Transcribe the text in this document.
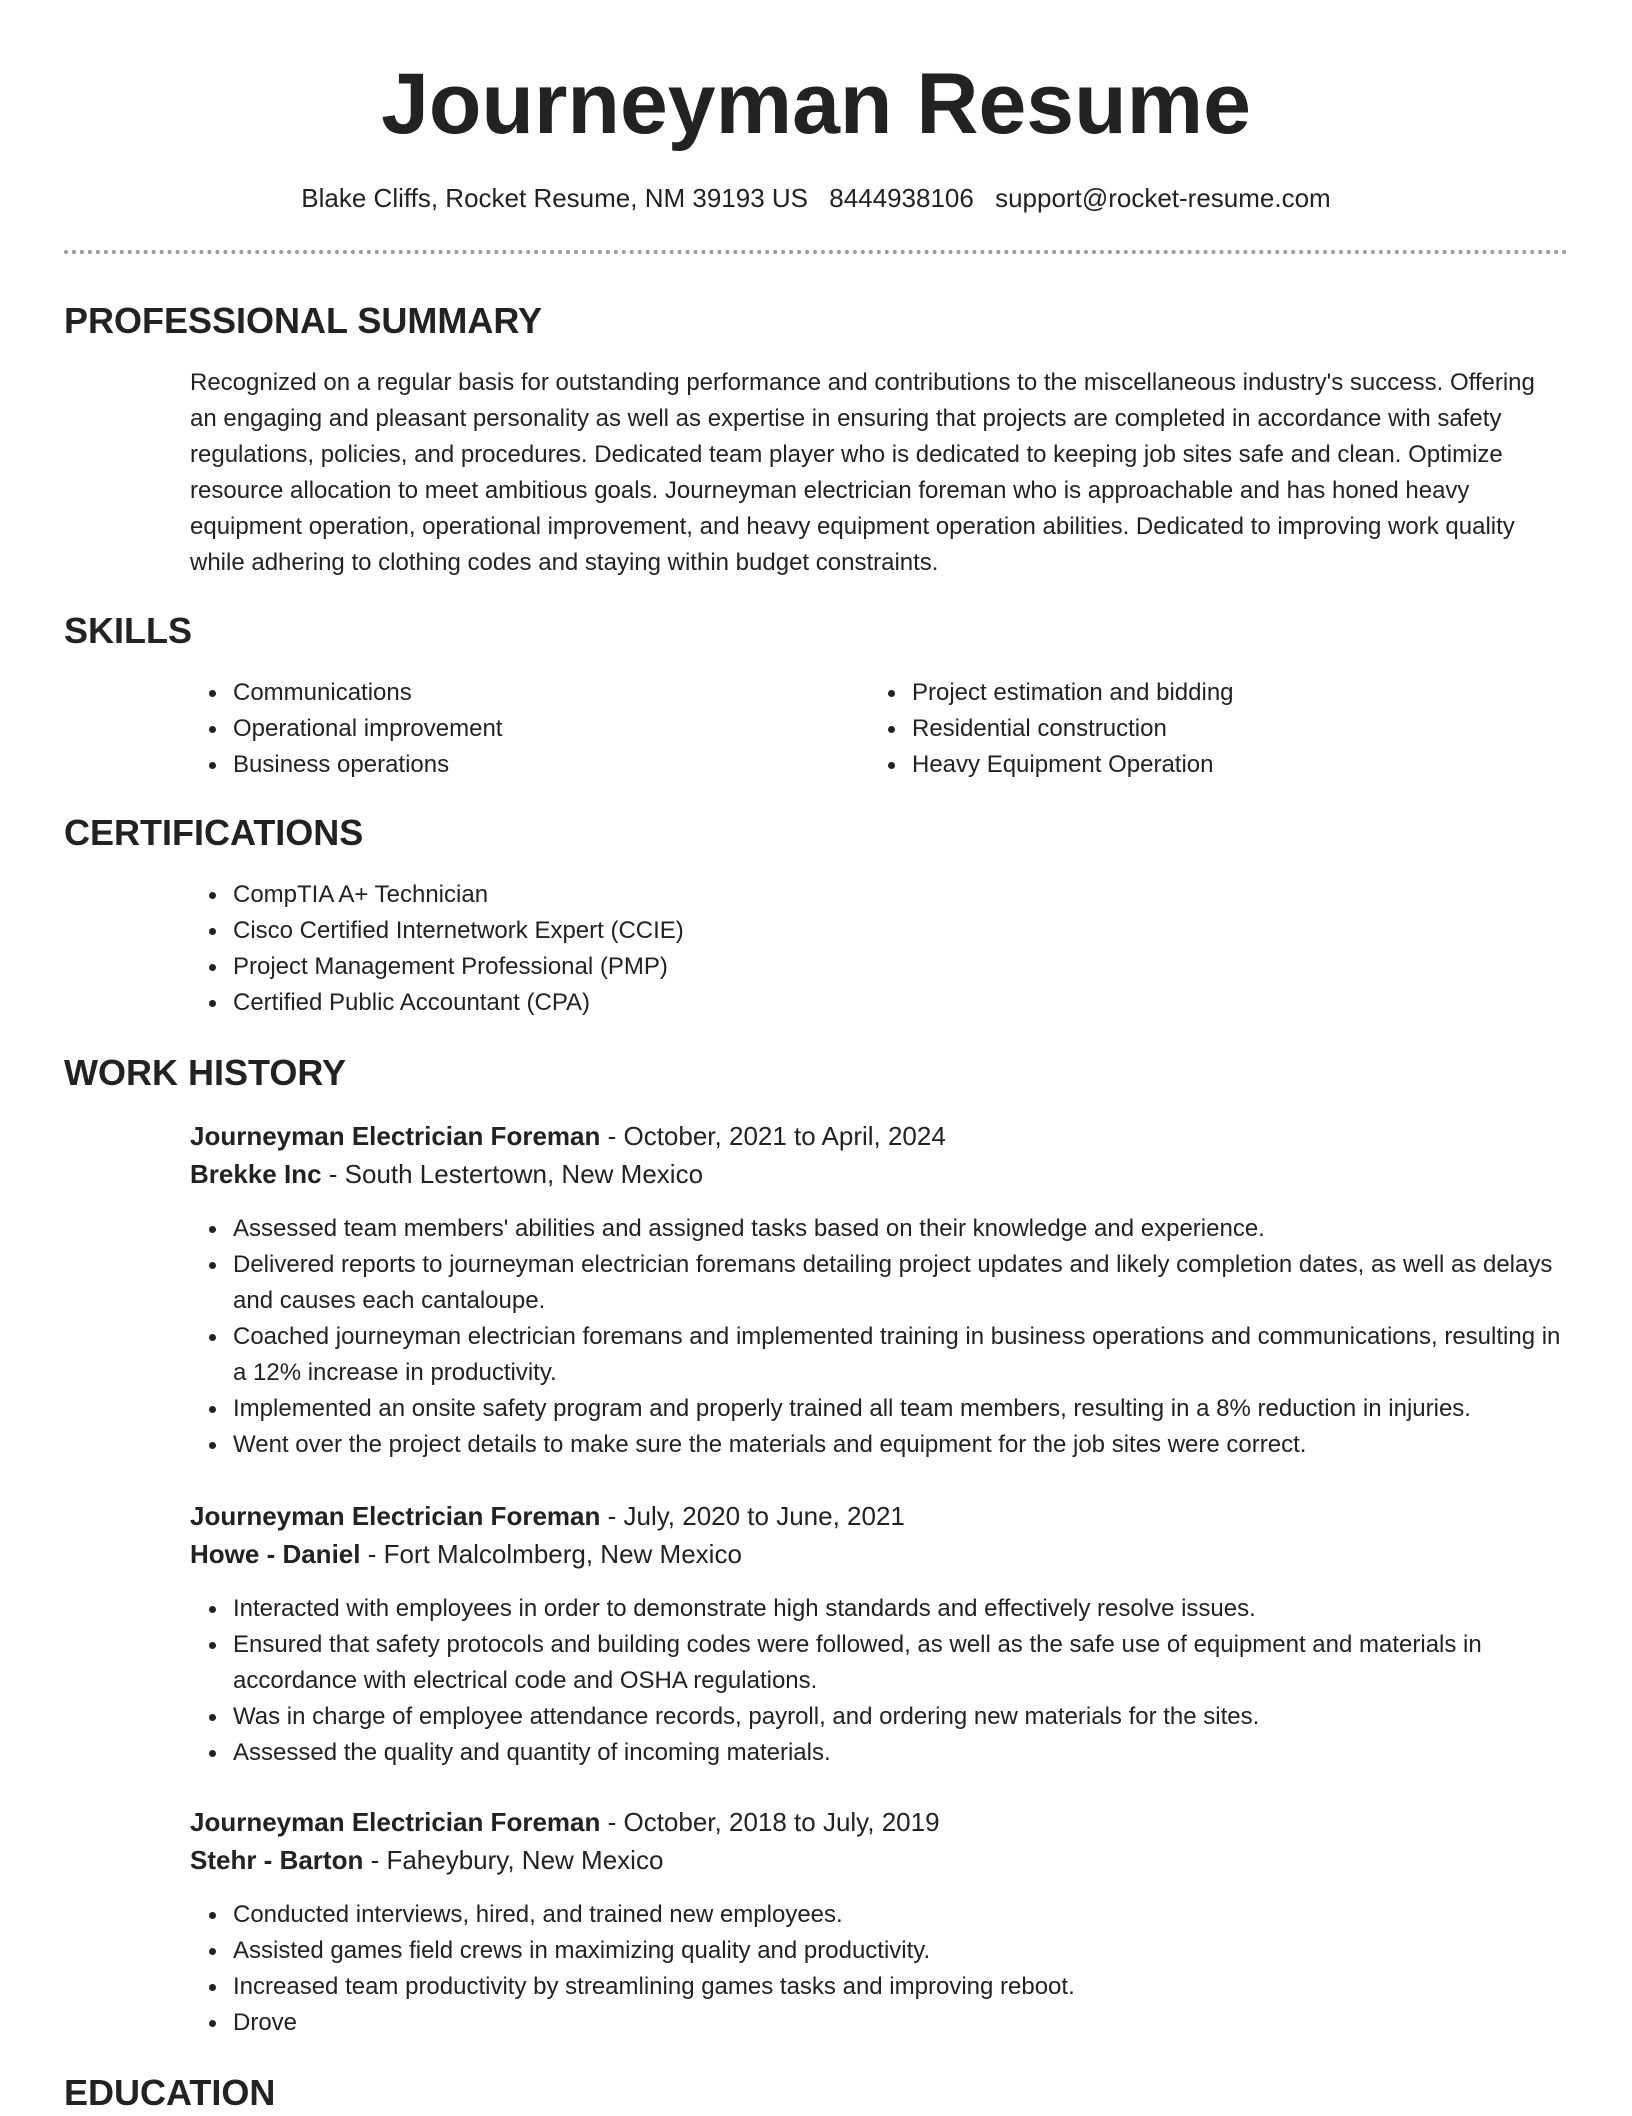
Journeyman Resume
Blake Cliffs, Rocket Resume, NM 39193 US 8444938106 support@rocket-resume.com
PROFESSIONAL SUMMARY

Recognized on a regular basis for outstanding performance and contributions to the miscellaneous industry's success. Offering an engaging and pleasant personality as well as expertise in ensuring that projects are completed in accordance with safety regulations, policies, and procedures. Dedicated team player who is dedicated to keeping job sites safe and clean. Optimize resource allocation to meet ambitious goals. Journeyman electrician foreman who is approachable and has honed heavy equipment operation, operational improvement, and heavy equipment operation abilities. Dedicated to improving work quality while adhering to clothing codes and staying within budget constraints.

SKILLS
Communications
Operational improvement
Business operations
Project estimation and bidding
Residential construction
Heavy Equipment Operation
CERTIFICATIONS
CompTIA A+ Technician
Cisco Certified Internetwork Expert (CCIE)
Project Management Professional (PMP)
Certified Public Accountant (CPA)
WORK HISTORY
Journeyman Electrician Foreman - October, 2021 to April, 2024
Brekke Inc - South Lestertown, New Mexico
Assessed team members' abilities and assigned tasks based on their knowledge and experience.
Delivered reports to journeyman electrician foremans detailing project updates and likely completion dates, as well as delays and causes each cantaloupe.
Coached journeyman electrician foremans and implemented training in business operations and communications, resulting in a 12% increase in productivity.
Implemented an onsite safety program and properly trained all team members, resulting in a 8% reduction in injuries.
Went over the project details to make sure the materials and equipment for the job sites were correct.
Journeyman Electrician Foreman - July, 2020 to June, 2021
Howe - Daniel - Fort Malcolmberg, New Mexico
Interacted with employees in order to demonstrate high standards and effectively resolve issues.
Ensured that safety protocols and building codes were followed, as well as the safe use of equipment and materials in accordance with electrical code and OSHA regulations.
Was in charge of employee attendance records, payroll, and ordering new materials for the sites.
Assessed the quality and quantity of incoming materials.
Journeyman Electrician Foreman - October, 2018 to July, 2019
Stehr - Barton - Faheybury, New Mexico
Conducted interviews, hired, and trained new employees.
Assisted games field crews in maximizing quality and productivity.
Increased team productivity by streamlining games tasks and improving reboot.
Drove
EDUCATION
